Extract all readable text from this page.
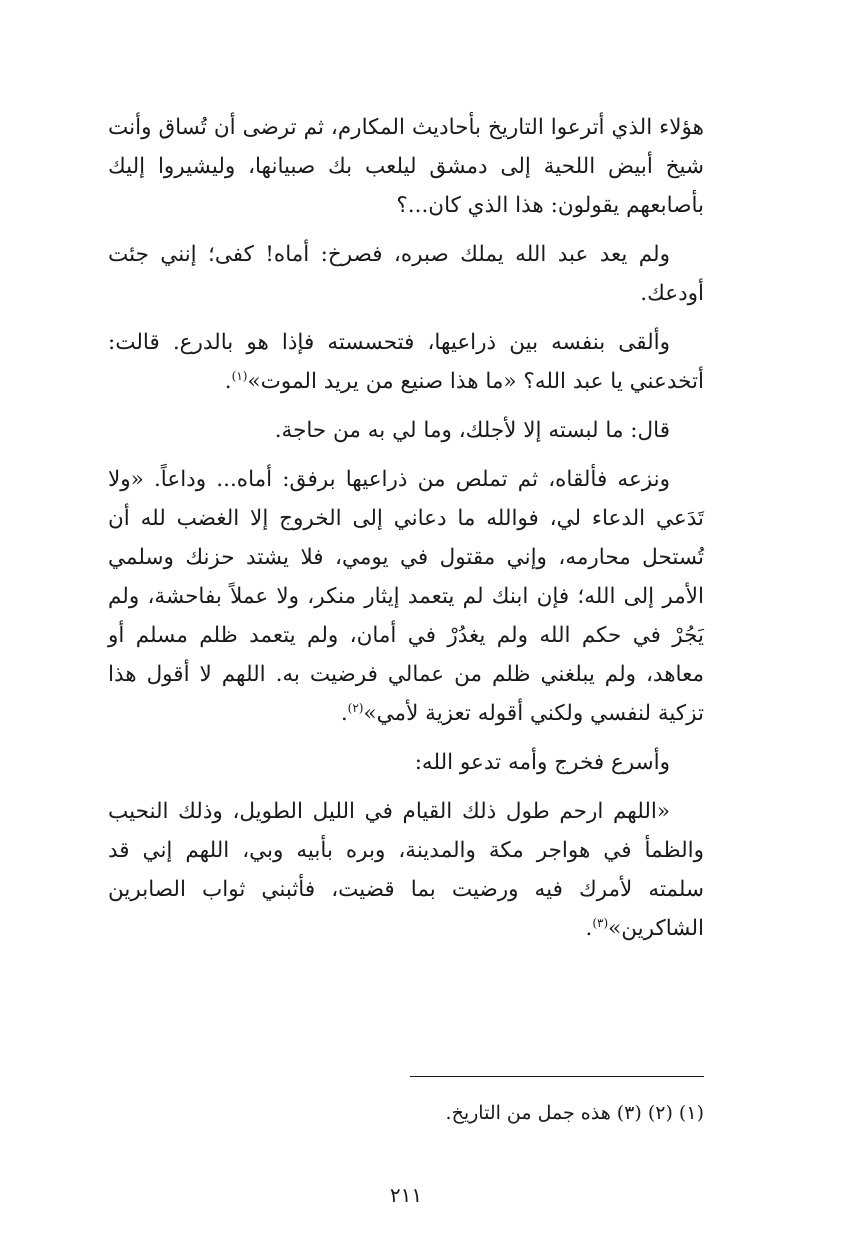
هؤلاء الذي أترعوا التاريخ بأحاديث المكارم، ثم ترضى أن تُساق وأنت شيخ أبيض اللحية إلى دمشق ليلعب بك صبيانها، وليشيروا إليك بأصابعهم يقولون: هذا الذي كان...؟

ولم يعد عبد الله يملك صبره، فصرخ: أماه! كفى؛ إنني جئت أودعك.

وألقى بنفسه بين ذراعيها، فتحسسته فإذا هو بالدرع. قالت: أتخدعني يا عبد الله؟ «ما هذا صنيع من يريد الموت»$^{(١)}$.

قال: ما لبسته إلا لأجلك، وما لي به من حاجة.

ونزعه فألقاه، ثم تملص من ذراعيها برفق: أماه... وداعاً. «ولا تَدَعي الدعاء لي، فوالله ما دعاني إلى الخروج إلا الغضب لله أن تُستحل محارمه، وإني مقتول في يومي، فلا يشتد حزنك وسلمي الأمر إلى الله؛ فإن ابنك لم يتعمد إيثار منكر، ولا عملاً بفاحشة، ولم يَجُرْ في حكم الله ولم يغدُرْ في أمان، ولم يتعمد ظلم مسلم أو معاهد، ولم يبلغني ظلم من عمالي فرضيت به. اللهم لا أقول هذا تزكية لنفسي ولكني أقوله تعزية لأمي»$^{(٢)}$.

وأسرع فخرج وأمه تدعو الله:

«اللهم ارحم طول ذلك القيام في الليل الطويل، وذلك النحيب والظمأ في هواجر مكة والمدينة، وبره بأبيه وبي، اللهم إني قد سلمته لأمرك فيه ورضيت بما قضيت، فأثبني ثواب الصابرين الشاكرين»$^{(٣)}$.

(١) (٢) (٣) هذه جمل من التاريخ.

٢١١
